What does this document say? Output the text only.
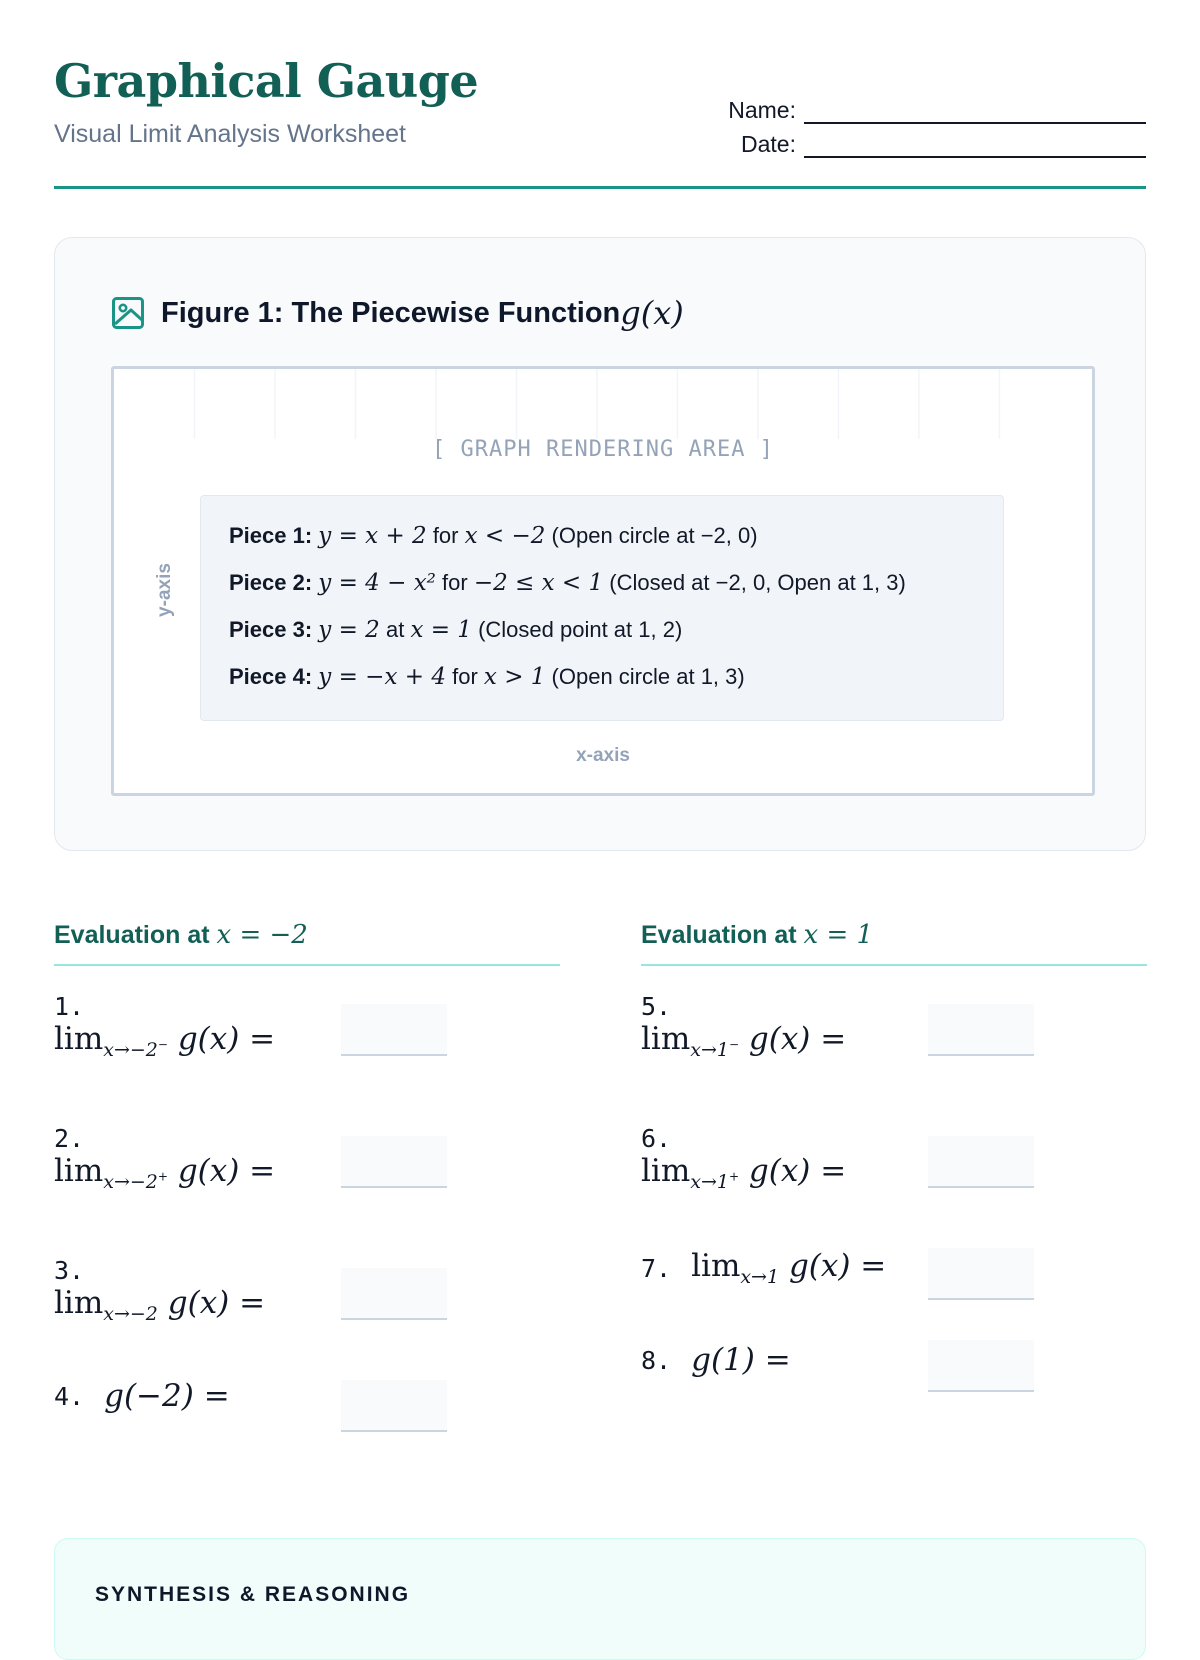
Graphical Gauge

Visual Limit Analysis Worksheet

Name:
Date:
Figure 1: The Piecewise Function g(x)
[ GRAPH RENDERING AREA ]
y-axis
Piece 1: y = x + 2 for x < −2 (Open circle at −2, 0)
Piece 2: y = 4 − x² for −2 ≤ x < 1 (Closed at −2, 0, Open at 1, 3)
Piece 3: y = 2 at x = 1 (Closed point at 1, 2)
Piece 4: y = −x + 4 for x > 1 (Open circle at 1, 3)
x-axis
Evaluation at x = −2
1.
$\lim_{x\to-2^-} g(x)$ =
2.
$\lim_{x\to-2^+} g(x)$ =
3.
$\lim_{x\to-2} g(x)$ =
4. g(−2) =
Evaluation at x = 1
5.
$\lim_{x\to 1^-} g(x)$ =
6.
$\lim_{x\to 1^+} g(x)$ =
7. $\lim_{x\to 1} g(x)$ =
8. g(1) =
SYNTHESIS & REASONING
